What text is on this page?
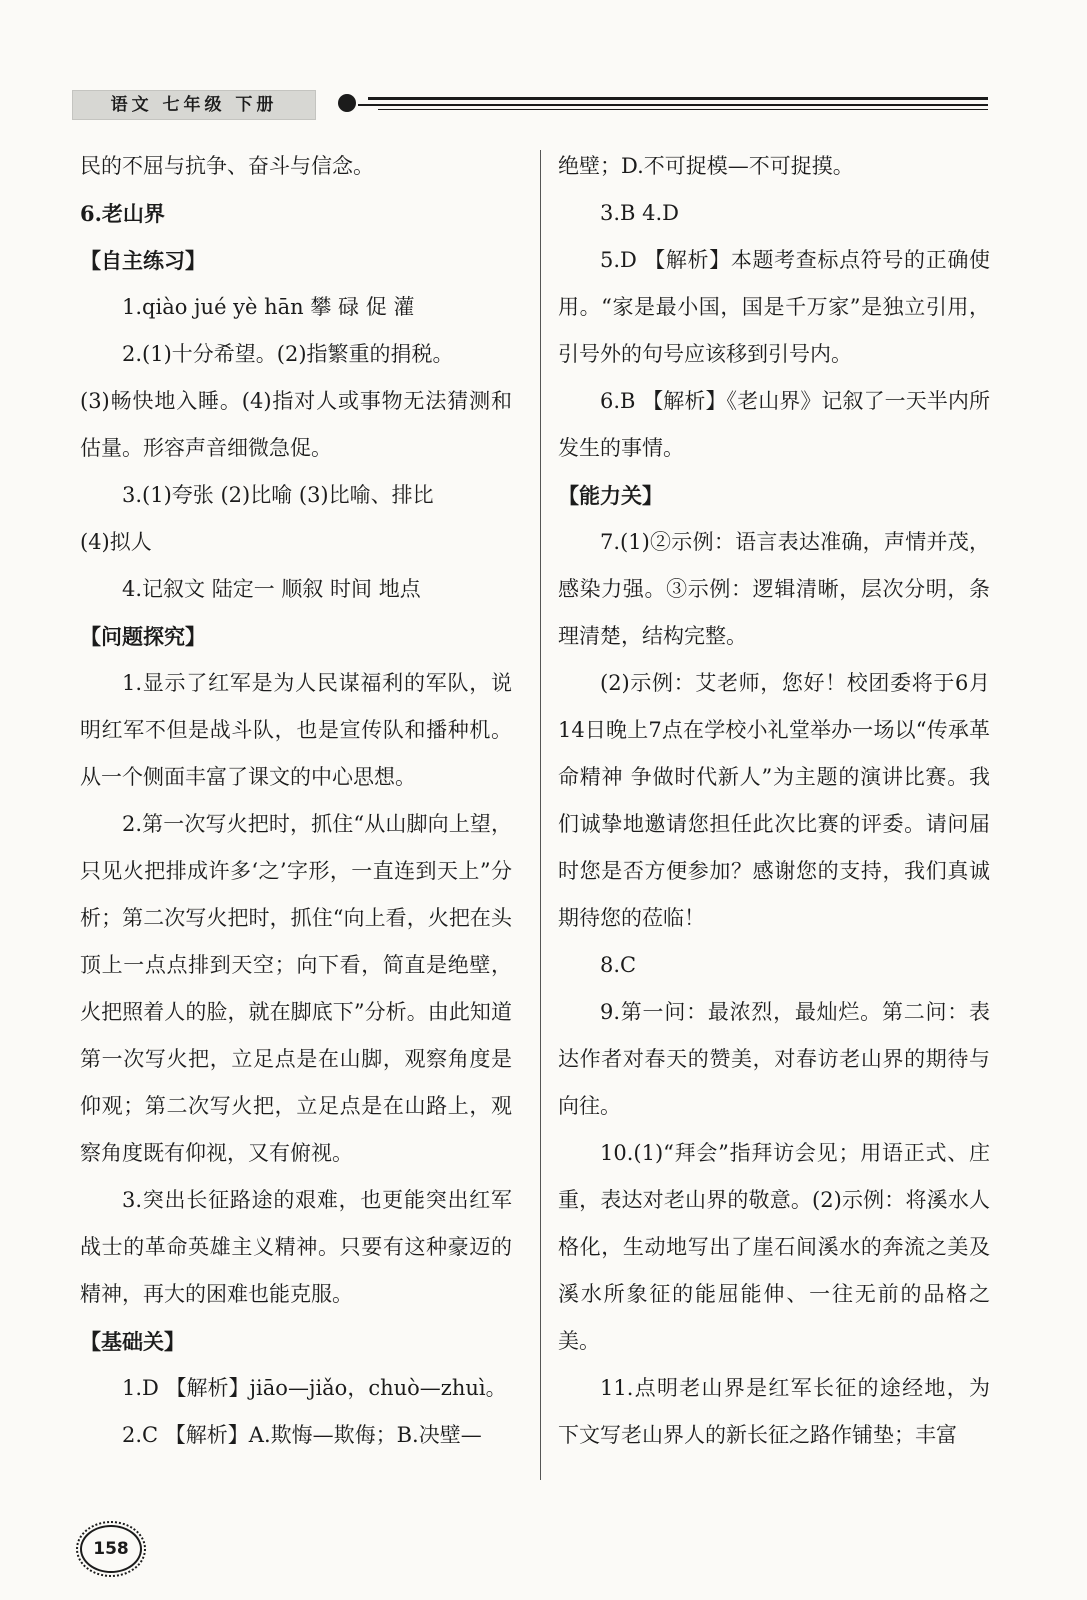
语文 七年级 下册

民的不屈与抗争、奋斗与信念。

6.老山界

【自主练习】

1.qiào jué yè hān 攀 碌 促 灌

2.(1)十分希望。(2)指繁重的捐税。

(3)畅快地入睡。(4)指对人或事物无法猜测和估量。形容声音细微急促。

3.(1)夸张 (2)比喻 (3)比喻、排比

(4)拟人

4.记叙文 陆定一 顺叙 时间 地点

【问题探究】

1.显示了红军是为人民谋福利的军队，说明红军不但是战斗队，也是宣传队和播种机。从一个侧面丰富了课文的中心思想。

2.第一次写火把时，抓住“从山脚向上望，只见火把排成许多‘之’字形，一直连到天上”分析；第二次写火把时，抓住“向上看，火把在头顶上一点点排到天空；向下看，简直是绝壁，火把照着人的脸，就在脚底下”分析。由此知道第一次写火把，立足点是在山脚，观察角度是仰观；第二次写火把，立足点是在山路上，观察角度既有仰视，又有俯视。

3.突出长征路途的艰难，也更能突出红军战士的革命英雄主义精神。只要有这种豪迈的精神，再大的困难也能克服。

【基础关】

1.D 【解析】jiāo—jiǎo，chuò—zhuì。

2.C 【解析】A.欺悔—欺侮；B.决壁—

绝壁；D.不可捉模—不可捉摸。

3.B 4.D

5.D 【解析】本题考查标点符号的正确使用。“家是最小国，国是千万家”是独立引用，引号外的句号应该移到引号内。

6.B 【解析】《老山界》记叙了一天半内所发生的事情。

【能力关】

7.(1)②示例：语言表达准确，声情并茂，感染力强。③示例：逻辑清晰，层次分明，条理清楚，结构完整。

(2)示例：艾老师，您好！校团委将于6月14日晚上7点在学校小礼堂举办一场以“传承革命精神 争做时代新人”为主题的演讲比赛。我们诚挚地邀请您担任此次比赛的评委。请问届时您是否方便参加？感谢您的支持，我们真诚期待您的莅临！

8.C

9.第一问：最浓烈，最灿烂。第二问：表达作者对春天的赞美，对春访老山界的期待与向往。

10.(1)“拜会”指拜访会见；用语正式、庄重，表达对老山界的敬意。(2)示例：将溪水人格化，生动地写出了崖石间溪水的奔流之美及溪水所象征的能屈能伸、一往无前的品格之美。

11.点明老山界是红军长征的途经地，为下文写老山界人的新长征之路作铺垫；丰富

158
